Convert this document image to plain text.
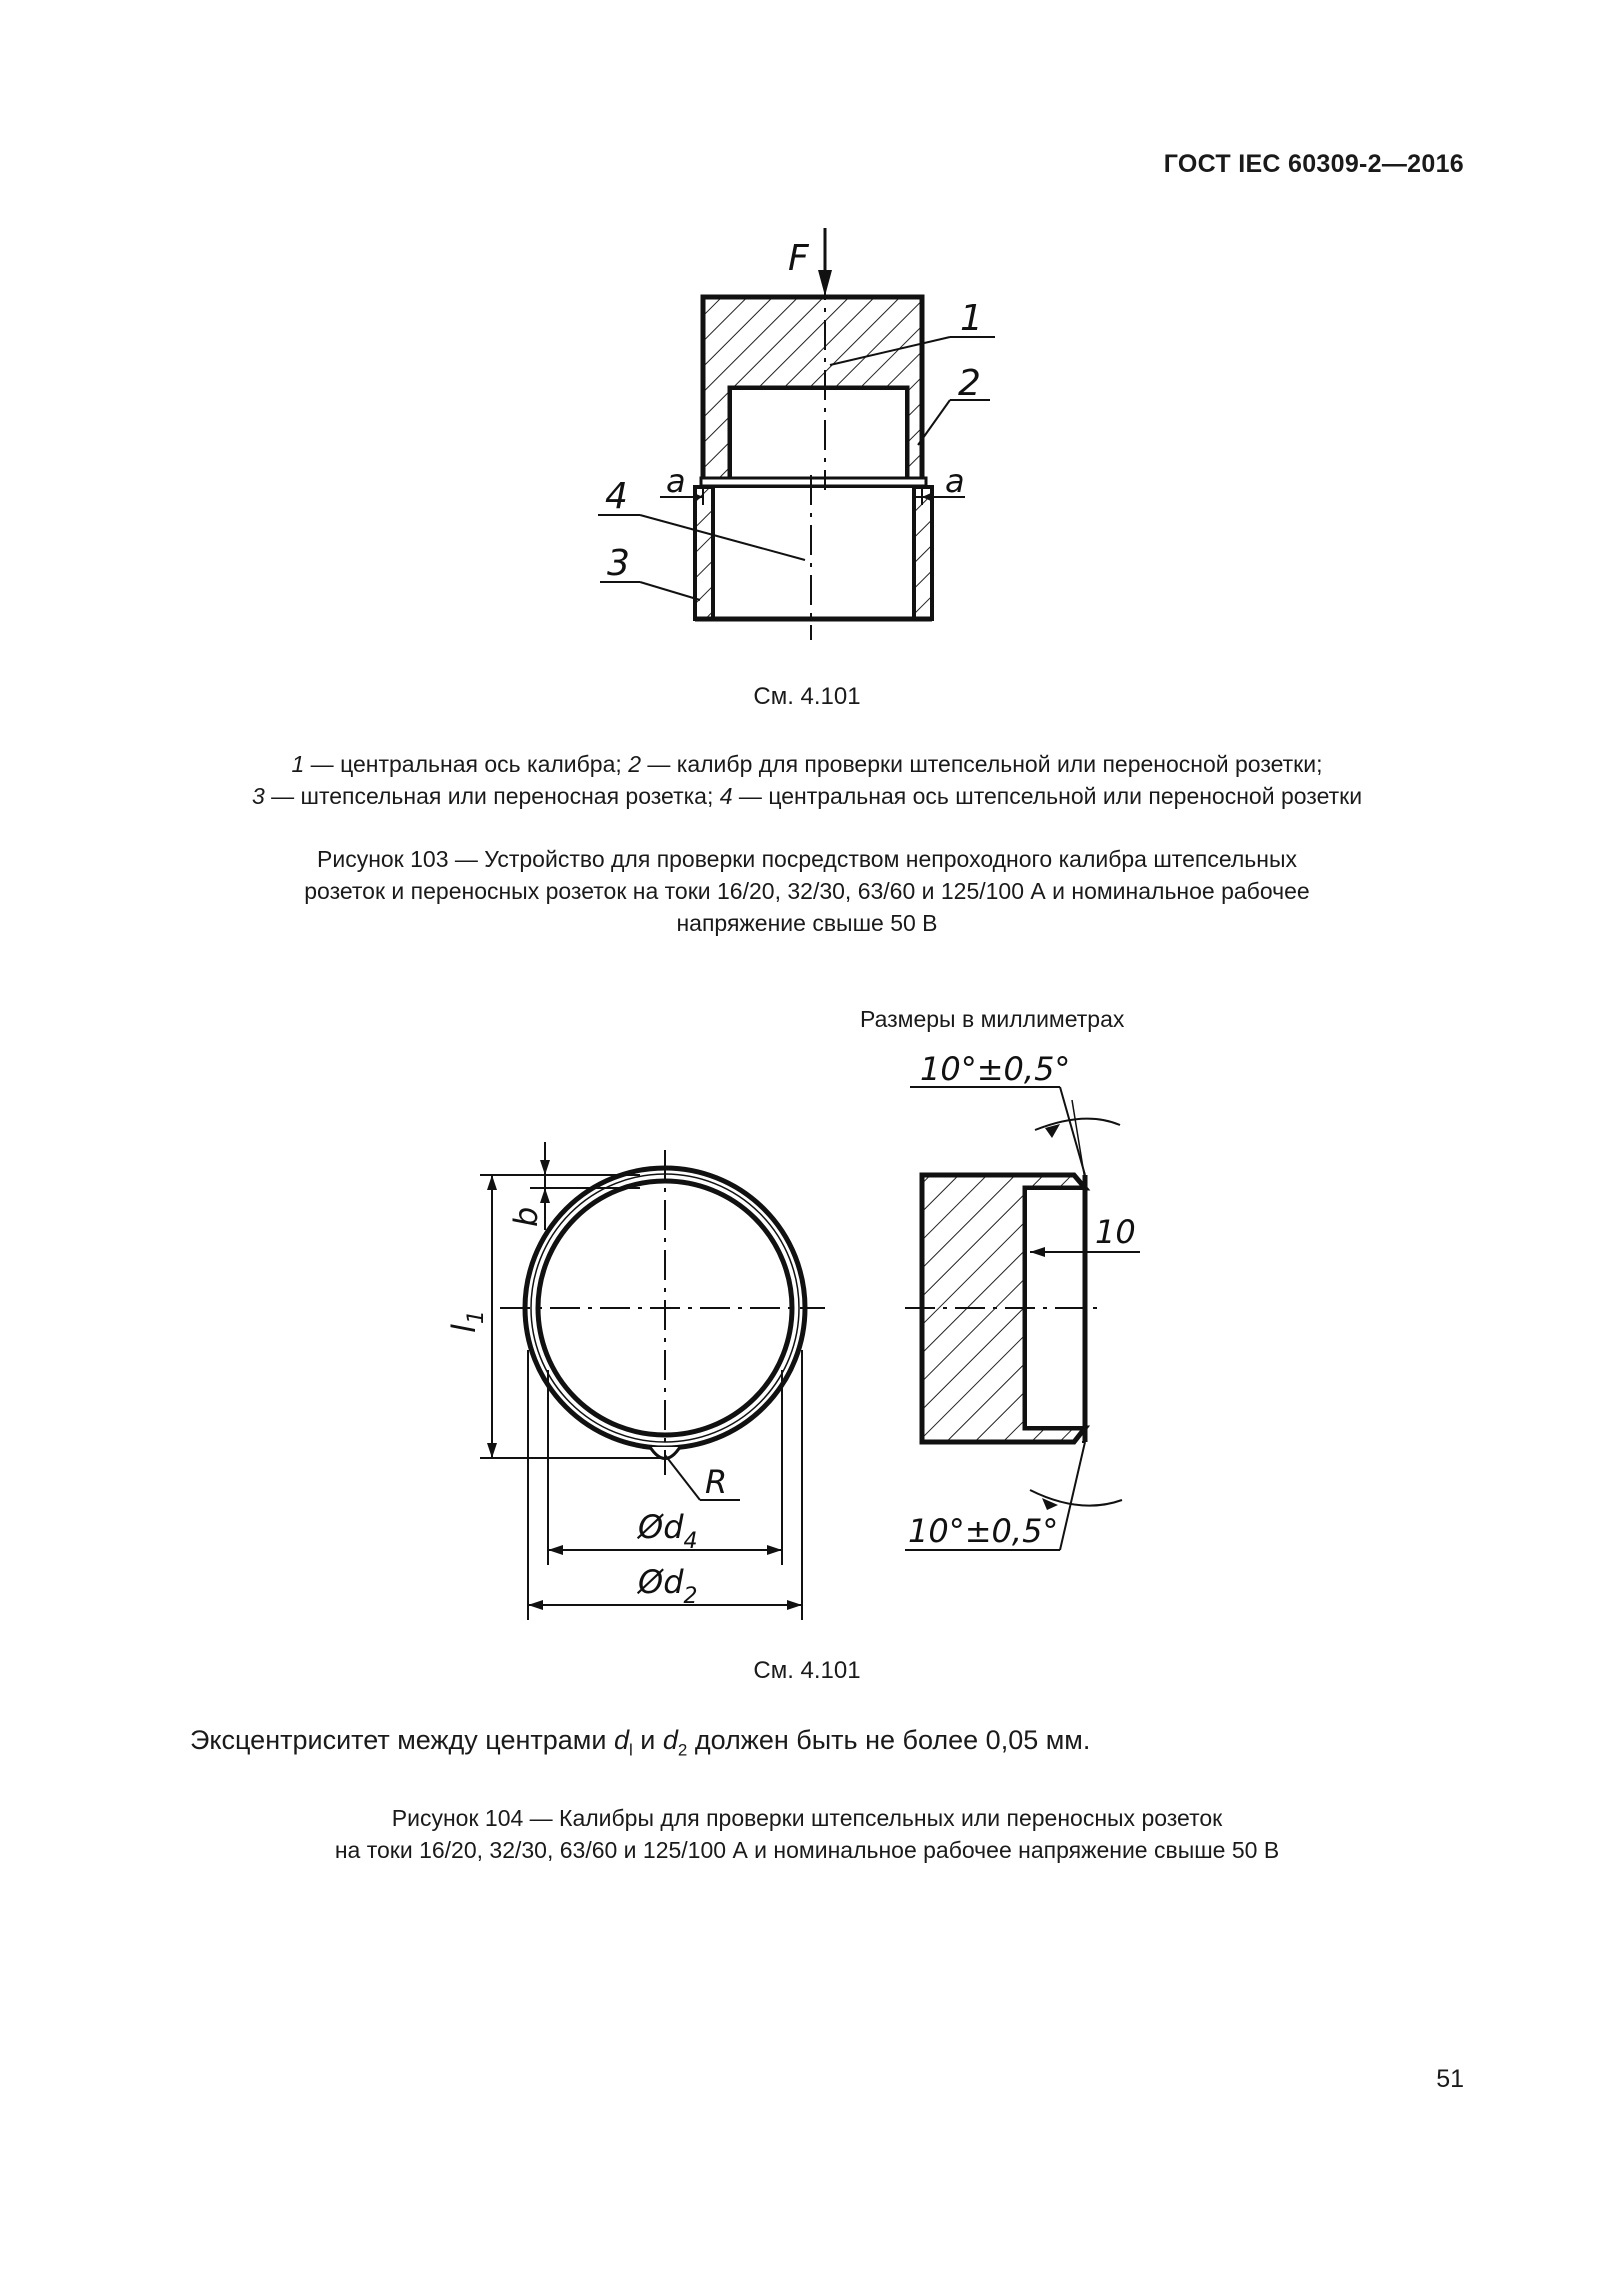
ГОСТ IEC 60309-2—2016
F
1
2
4
3
a	a
См. 4.101
1 — центральная ось калибра; 2 — калибр для проверки штепсельной или переносной розетки;
3 — штепсельная или переносная розетка; 4 — центральная ось штепсельной или переносной розетки
Рисунок 103 — Устройство для проверки посредством непроходного калибра штепсельных
розеток и переносных розеток на токи 16/20, 32/30, 63/60 и 125/100 А и номинальное рабочее
напряжение свыше 50 В
Размеры в миллиметрах
$l_1$
b
R
$Ød_4$
$Ød_2$
10
10°±0,5°
10°±0,5°
См. 4.101
Эксцентриситет между центрами $d_l$ и $d_2$ должен быть не более 0,05 мм.
Рисунок 104 — Калибры для проверки штепсельных или переносных розеток
на токи 16/20, 32/30, 63/60 и 125/100 А и номинальное рабочее напряжение свыше 50 В
51
